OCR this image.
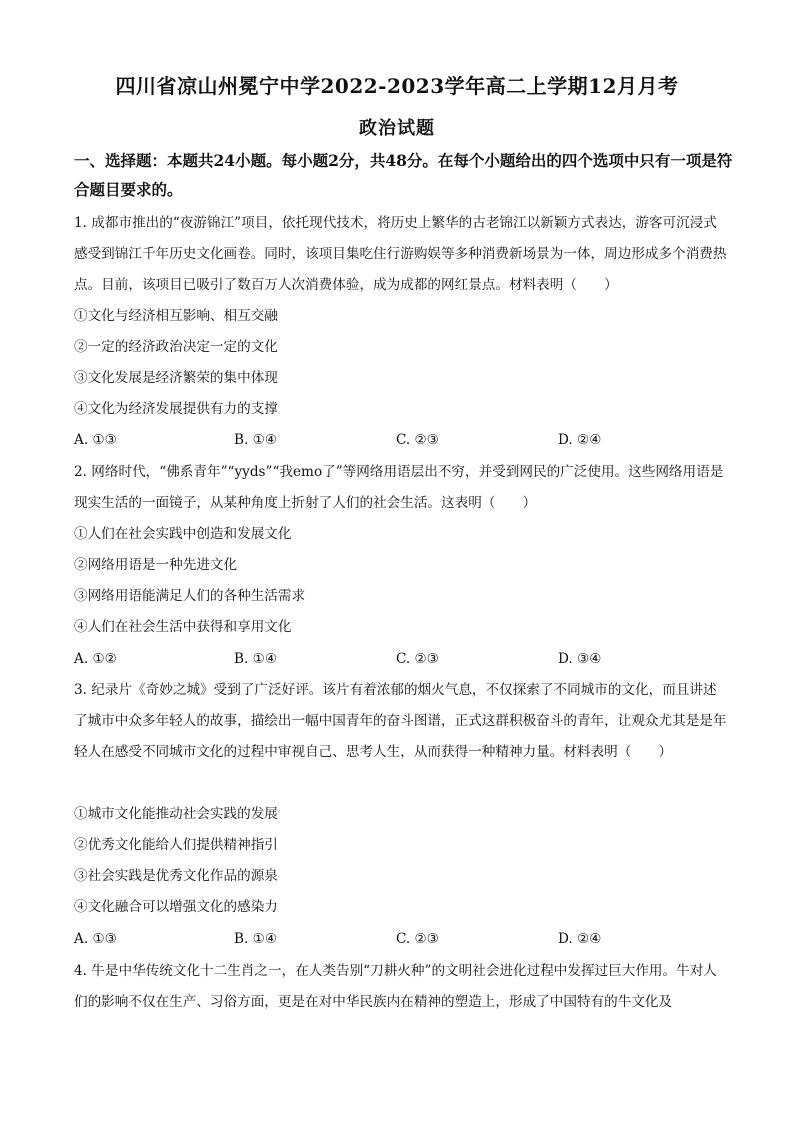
四川省凉山州冕宁中学2022-2023学年高二上学期12月月考
政治试题
一、选择题：本题共24小题。每小题2分，共48分。在每个小题给出的四个选项中只有一项是符合题目要求的。
1. 成都市推出的“夜游锦江”项目，依托现代技术，将历史上繁华的古老锦江以新颖方式表达，游客可沉浸式感受到锦江千年历史文化画卷。同时，该项目集吃住行游购娱等多种消费新场景为一体，周边形成多个消费热点。目前，该项目已吸引了数百万人次消费体验，成为成都的网红景点。材料表明（　　）
①文化与经济相互影响、相互交融
②一定的经济政治决定一定的文化
③文化发展是经济繁荣的集中体现
④文化为经济发展提供有力的支撑
A. ①③	B. ①④	C. ②③	D. ②④
2. 网络时代，“佛系青年”“yyds”“我emo了”等网络用语层出不穷，并受到网民的广泛使用。这些网络用语是现实生活的一面镜子，从某种角度上折射了人们的社会生活。这表明（　　）
①人们在社会实践中创造和发展文化
②网络用语是一种先进文化
③网络用语能满足人们的各种生活需求
④人们在社会生活中获得和享用文化
A. ①②	B. ①④	C. ②③	D. ③④
3. 纪录片《奇妙之城》受到了广泛好评。该片有着浓郁的烟火气息，不仅探索了不同城市的文化，而且讲述了城市中众多年轻人的故事，描绘出一幅中国青年的奋斗图谱，正式这群积极奋斗的青年，让观众尤其是是年轻人在感受不同城市文化的过程中审视自己、思考人生，从而获得一种精神力量。材料表明（　　）
①城市文化能推动社会实践的发展
②优秀文化能给人们提供精神指引
③社会实践是优秀文化作品的源泉
④文化融合可以增强文化的感染力
A. ①③	B. ①④	C. ②③	D. ②④
4. 牛是中华传统文化十二生肖之一，在人类告别“刀耕火种”的文明社会进化过程中发挥过巨大作用。牛对人们的影响不仅在生产、习俗方面，更是在对中华民族内在精神的塑造上，形成了中国特有的牛文化及
